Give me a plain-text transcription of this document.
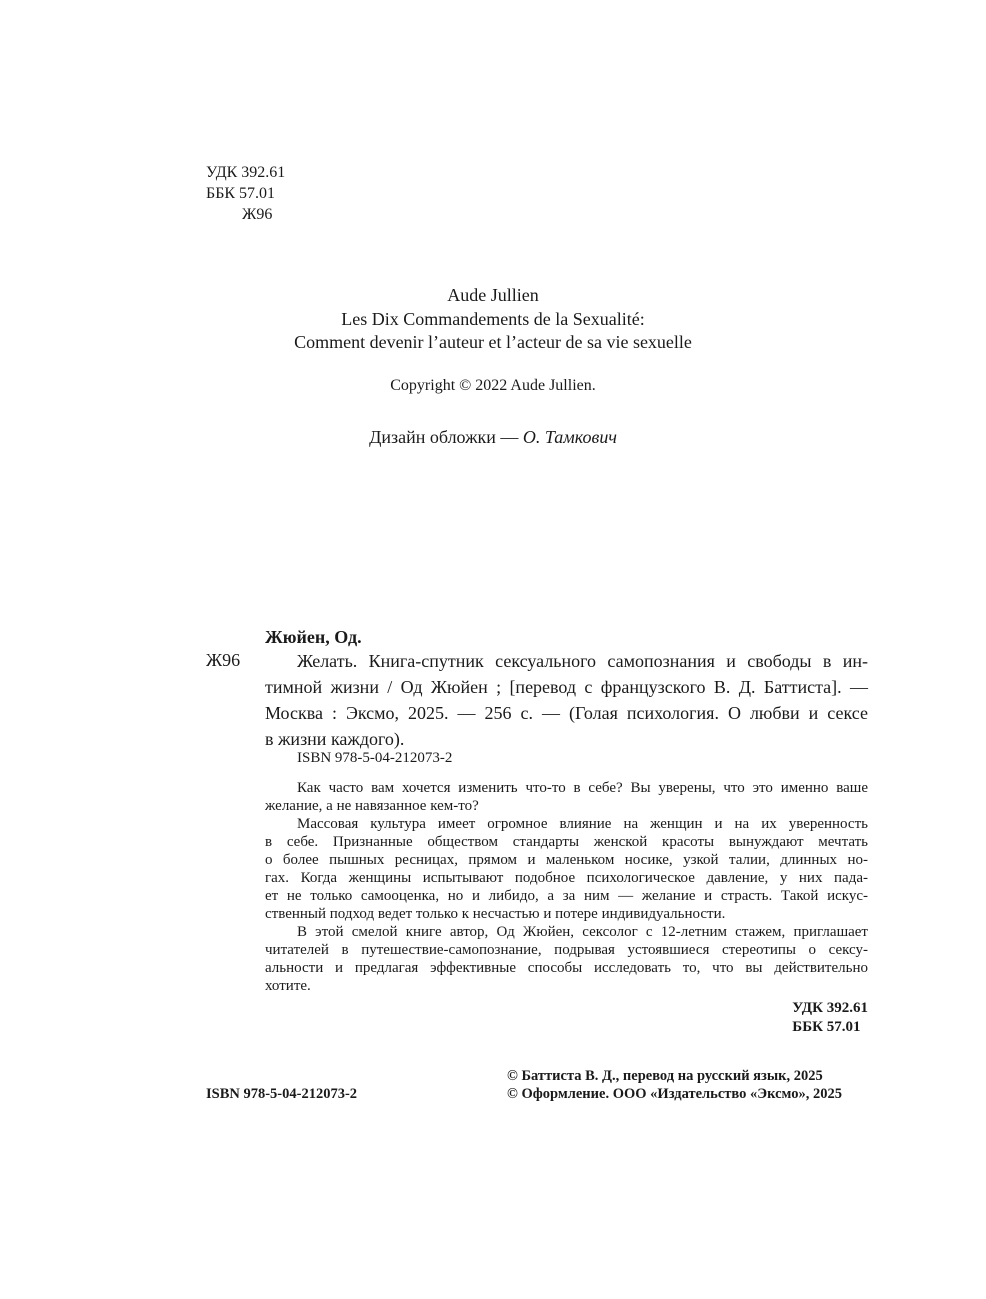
УДК 392.61
ББК 57.01
Ж96
Aude Jullien
Les Dix Commandements de la Sexualité:
Comment devenir l’auteur et l’acteur de sa vie sexuelle
Copyright © 2022 Aude Jullien.
Дизайн обложки — О. Тамкович
Жюйен, Од.
Ж96	Желать. Книга-спутник сексуального самопознания и свободы в ин-
тимной жизни / Од Жюйен ; [перевод с французского В. Д. Баттиста]. —
Москва : Эксмо, 2025. — 256 с. — (Голая психология. О любви и сексе
в жизни каждого).
ISBN 978-5-04-212073-2
Как часто вам хочется изменить что-то в себе? Вы уверены, что это именно ваше
желание, а не навязанное кем-то?
Массовая культура имеет огромное влияние на женщин и на их уверенность
в себе. Признанные обществом стандарты женской красоты вынуждают мечтать
о более пышных ресницах, прямом и маленьком носике, узкой талии, длинных но-
гах. Когда женщины испытывают подобное психологическое давление, у них пада-
ет не только самооценка, но и либидо, а за ним — желание и страсть. Такой искус-
ственный подход ведет только к несчастью и потере индивидуальности.
В этой смелой книге автор, Од Жюйен, сексолог с 12-летним стажем, приглашает
читателей в путешествие-самопознание, подрывая устоявшиеся стереотипы о сексу-
альности и предлагая эффективные способы исследовать то, что вы действительно
хотите.
УДК 392.61
ББК 57.01
ISBN 978-5-04-212073-2
© Баттиста В. Д., перевод на русский язык, 2025
© Оформление. ООО «Издательство «Эксмо», 2025
